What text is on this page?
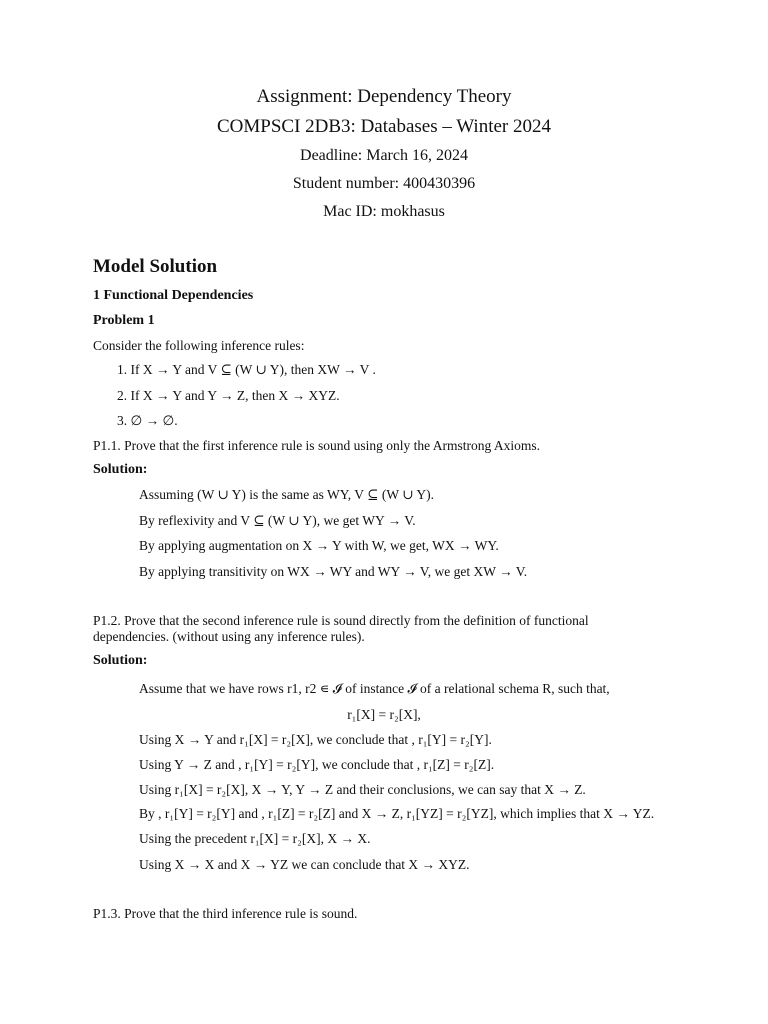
Assignment: Dependency Theory
COMPSCI 2DB3: Databases – Winter 2024
Deadline: March 16, 2024
Student number: 400430396
Mac ID: mokhasus
Model Solution
1 Functional Dependencies
Problem 1
Consider the following inference rules:
1. If X → Y and V ⊆ (W ∪ Y), then XW → V .
2. If X → Y and Y → Z, then X → XYZ.
3. ∅ → ∅.
P1.1. Prove that the first inference rule is sound using only the Armstrong Axioms.
Solution:
Assuming (W ∪ Y) is the same as WY, V ⊆ (W ∪ Y).
By reflexivity and V ⊆ (W ∪ Y), we get WY → V.
By applying augmentation on X → Y with W, we get, WX → WY.
By applying transitivity on WX → WY and WY → V, we get XW → V.
P1.2. Prove that the second inference rule is sound directly from the definition of functional
dependencies. (without using any inference rules).
Solution:
Assume that we have rows r1, r2 ∊ 𝓘 of instance 𝓘 of a relational schema R, such that,
r₁[X] = r₂[X],
Using X → Y and r₁[X] = r₂[X], we conclude that , r₁[Y] = r₂[Y].
Using Y → Z and , r₁[Y] = r₂[Y], we conclude that , r₁[Z] = r₂[Z].
Using r₁[X] = r₂[X], X → Y, Y → Z and their conclusions, we can say that X → Z.
By , r₁[Y] = r₂[Y] and , r₁[Z] = r₂[Z] and X → Z, r₁[YZ] = r₂[YZ], which implies that X → YZ.
Using the precedent r₁[X] = r₂[X], X → X.
Using X → X and X → YZ we can conclude that X → XYZ.
P1.3. Prove that the third inference rule is sound.
